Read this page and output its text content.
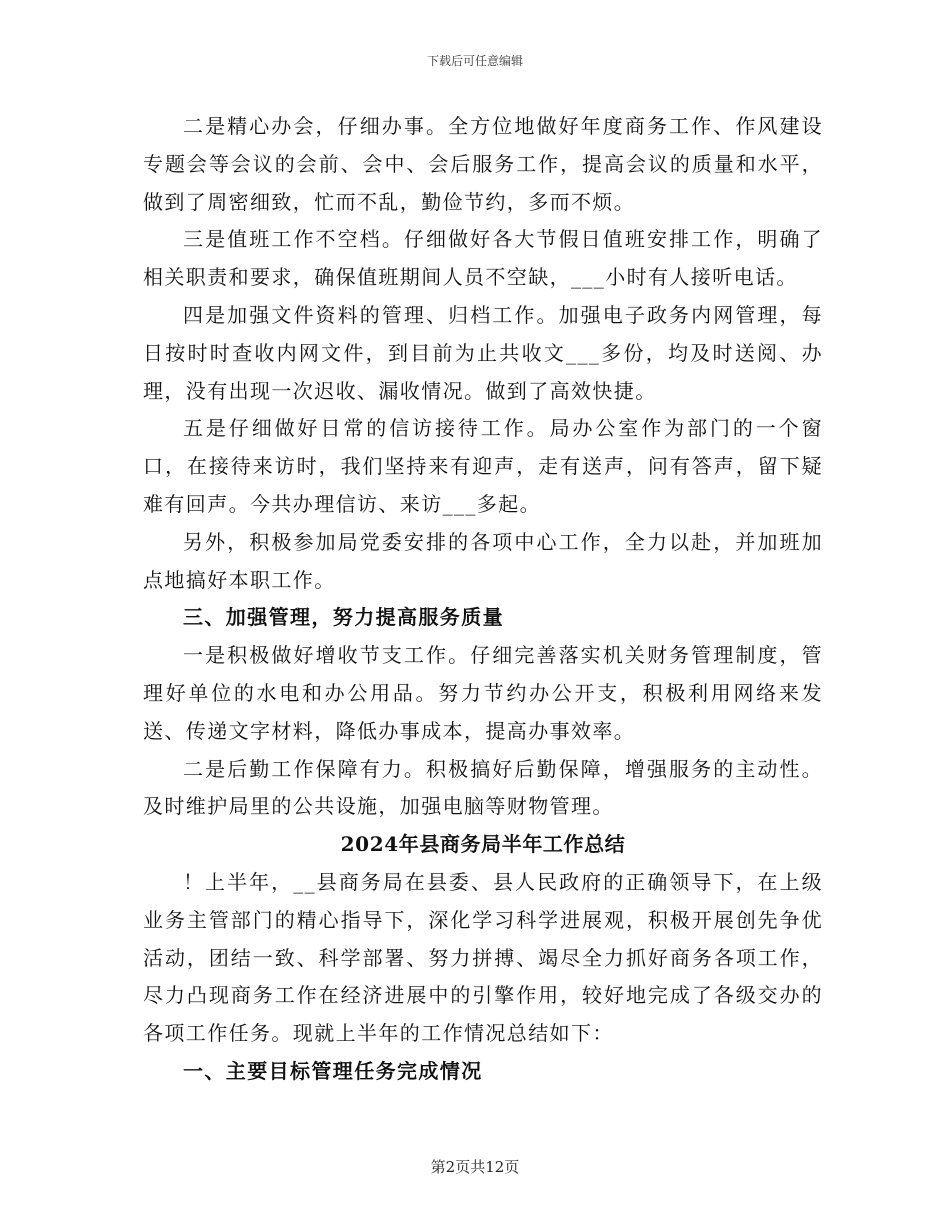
下载后可任意编辑

二是精心办会，仔细办事。全方位地做好年度商务工作、作风建设专题会等会议的会前、会中、会后服务工作，提高会议的质量和水平，做到了周密细致，忙而不乱，勤俭节约，多而不烦。

三是值班工作不空档。仔细做好各大节假日值班安排工作，明确了相关职责和要求，确保值班期间人员不空缺，___小时有人接听电话。

四是加强文件资料的管理、归档工作。加强电子政务内网管理，每日按时时查收内网文件，到目前为止共收文___多份，均及时送阅、办理，没有出现一次迟收、漏收情况。做到了高效快捷。

五是仔细做好日常的信访接待工作。局办公室作为部门的一个窗口，在接待来访时，我们坚持来有迎声，走有送声，问有答声，留下疑难有回声。今共办理信访、来访___多起。

另外，积极参加局党委安排的各项中心工作，全力以赴，并加班加点地搞好本职工作。

三、加强管理，努力提高服务质量

一是积极做好增收节支工作。仔细完善落实机关财务管理制度，管理好单位的水电和办公用品。努力节约办公开支，积极利用网络来发送、传递文字材料，降低办事成本，提高办事效率。

二是后勤工作保障有力。积极搞好后勤保障，增强服务的主动性。及时维护局里的公共设施，加强电脑等财物管理。

2024年县商务局半年工作总结

！上半年，__县商务局在县委、县人民政府的正确领导下，在上级业务主管部门的精心指导下，深化学习科学进展观，积极开展创先争优活动，团结一致、科学部署、努力拼搏、竭尽全力抓好商务各项工作，尽力凸现商务工作在经济进展中的引擎作用，较好地完成了各级交办的各项工作任务。现就上半年的工作情况总结如下：

一、主要目标管理任务完成情况

第2页共12页
